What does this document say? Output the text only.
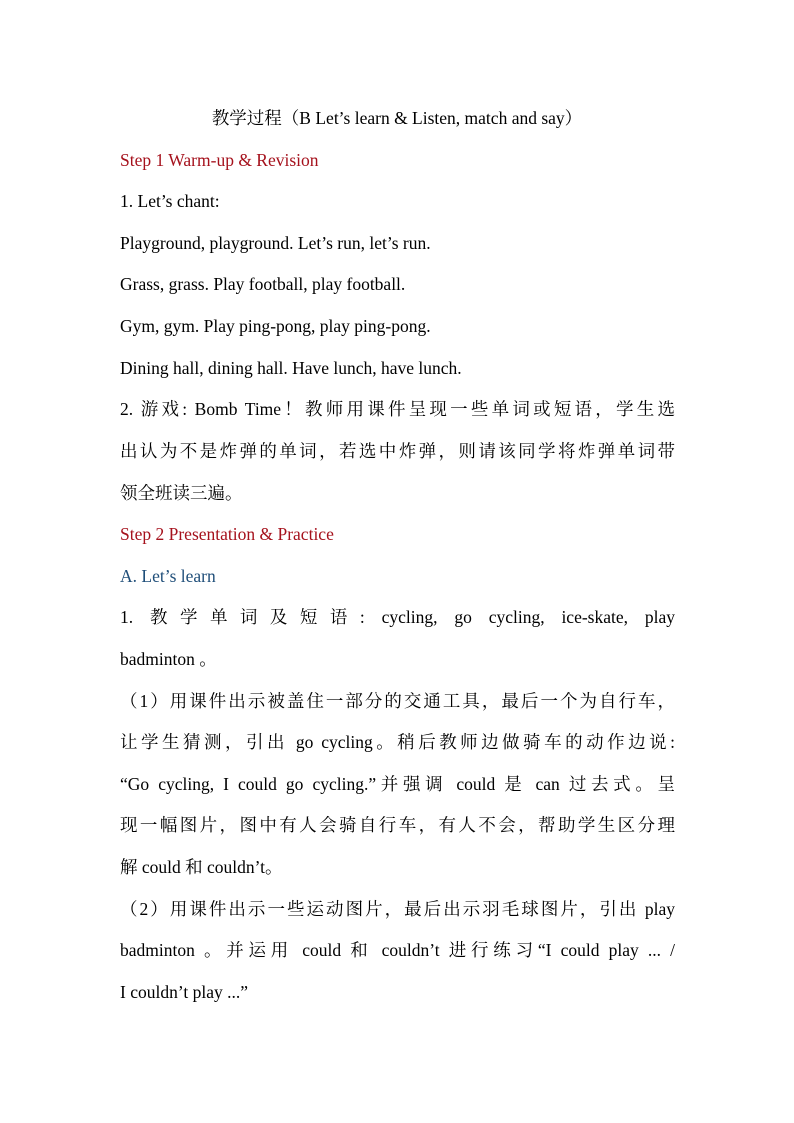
教学过程（B Let’s learn & Listen, match and say）
Step 1 Warm-up & Revision
1. Let’s chant:
Playground, playground. Let’s run, let’s run.
Grass, grass. Play football, play football.
Gym, gym. Play ping-pong, play ping-pong.
Dining hall, dining hall. Have lunch, have lunch.
2. 游戏: Bomb Time！教师用课件呈现一些单词或短语，学生选
出认为不是炸弹的单词，若选中炸弹，则请该同学将炸弹单词带
领全班读三遍。
Step 2 Presentation & Practice
A. Let’s learn
1. 教学单词及短语: cycling, go cycling, ice-skate, play
badminton 。
（1）用课件出示被盖住一部分的交通工具，最后一个为自行车，
让学生猜测，引出 go cycling。稍后教师边做骑车的动作边说:
“Go cycling, I could go cycling.”并强调 could 是 can 过去式。呈
现一幅图片，图中有人会骑自行车，有人不会，帮助学生区分理
解 could 和 couldn’t。
（2）用课件出示一些运动图片，最后出示羽毛球图片，引出 play
badminton 。并运用 could 和 couldn’t 进行练习“I could play ... /
I couldn’t play ...”
